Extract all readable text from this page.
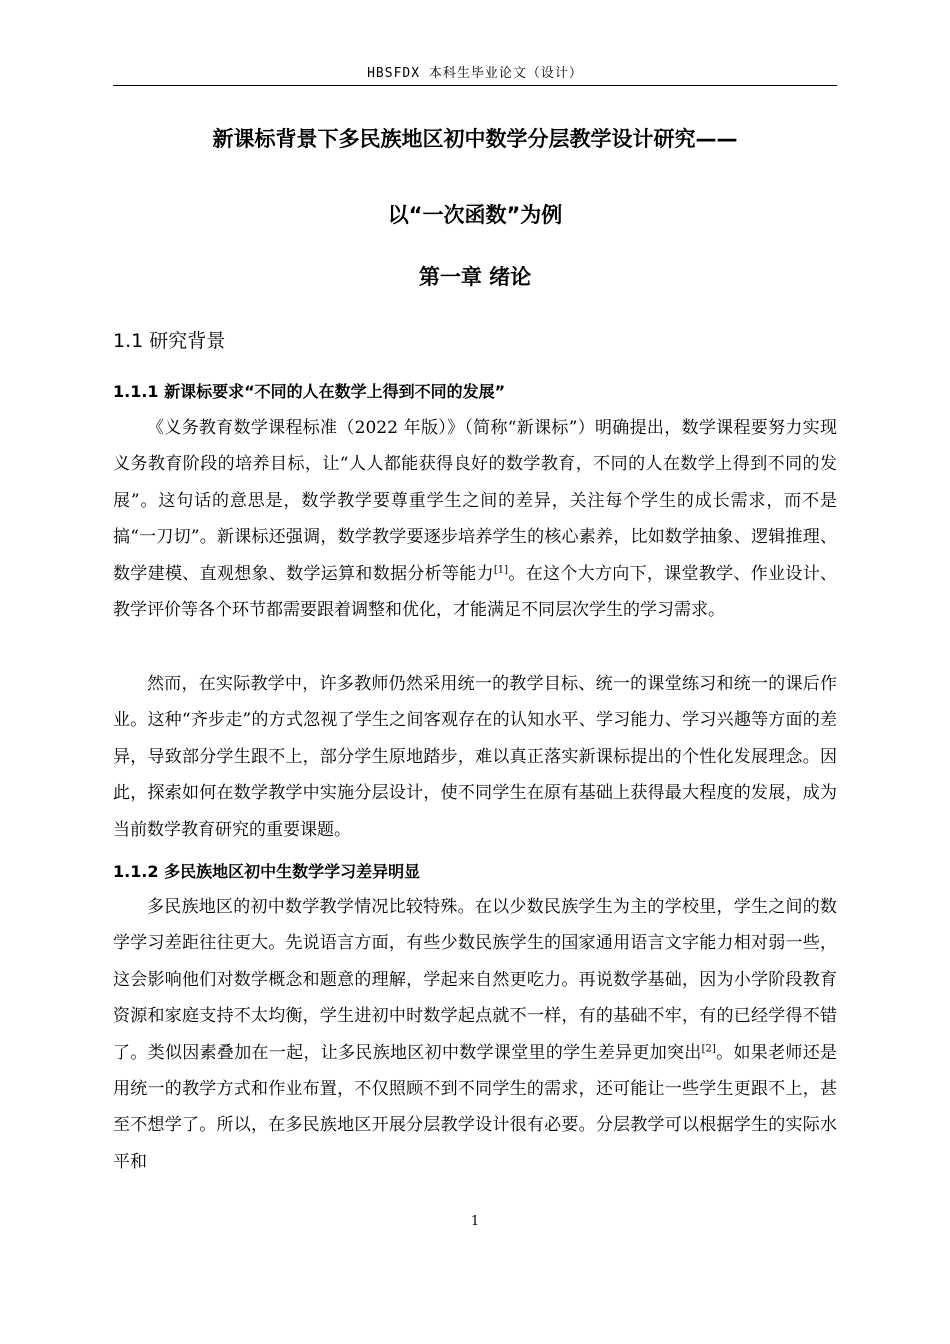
HBSFDX 本科生毕业论文（设计）
新课标背景下多民族地区初中数学分层教学设计研究——
以“一次函数”为例
第一章 绪论
1.1 研究背景
1.1.1 新课标要求“不同的人在数学上得到不同的发展”
《义务教育数学课程标准（2022 年版）》（简称“新课标”）明确提出，数学课程要努力实现义务教育阶段的培养目标，让“人人都能获得良好的数学教育，不同的人在数学上得到不同的发展”。这句话的意思是，数学教学要尊重学生之间的差异，关注每个学生的成长需求，而不是搞“一刀切”。新课标还强调，数学教学要逐步培养学生的核心素养，比如数学抽象、逻辑推理、数学建模、直观想象、数学运算和数据分析等能力[1]。在这个大方向下，课堂教学、作业设计、教学评价等各个环节都需要跟着调整和优化，才能满足不同层次学生的学习需求。
然而，在实际教学中，许多教师仍然采用统一的教学目标、统一的课堂练习和统一的课后作业。这种“齐步走”的方式忽视了学生之间客观存在的认知水平、学习能力、学习兴趣等方面的差异，导致部分学生跟不上，部分学生原地踏步，难以真正落实新课标提出的个性化发展理念。因此，探索如何在数学教学中实施分层设计，使不同学生在原有基础上获得最大程度的发展，成为当前数学教育研究的重要课题。
1.1.2 多民族地区初中生数学学习差异明显
多民族地区的初中数学教学情况比较特殊。在以少数民族学生为主的学校里，学生之间的数学学习差距往往更大。先说语言方面，有些少数民族学生的国家通用语言文字能力相对弱一些，这会影响他们对数学概念和题意的理解，学起来自然更吃力。再说数学基础，因为小学阶段教育资源和家庭支持不太均衡，学生进初中时数学起点就不一样，有的基础不牢，有的已经学得不错了。类似因素叠加在一起，让多民族地区初中数学课堂里的学生差异更加突出[2]。如果老师还是用统一的教学方式和作业布置，不仅照顾不到不同学生的需求，还可能让一些学生更跟不上，甚至不想学了。所以，在多民族地区开展分层教学设计很有必要。分层教学可以根据学生的实际水平和
1
